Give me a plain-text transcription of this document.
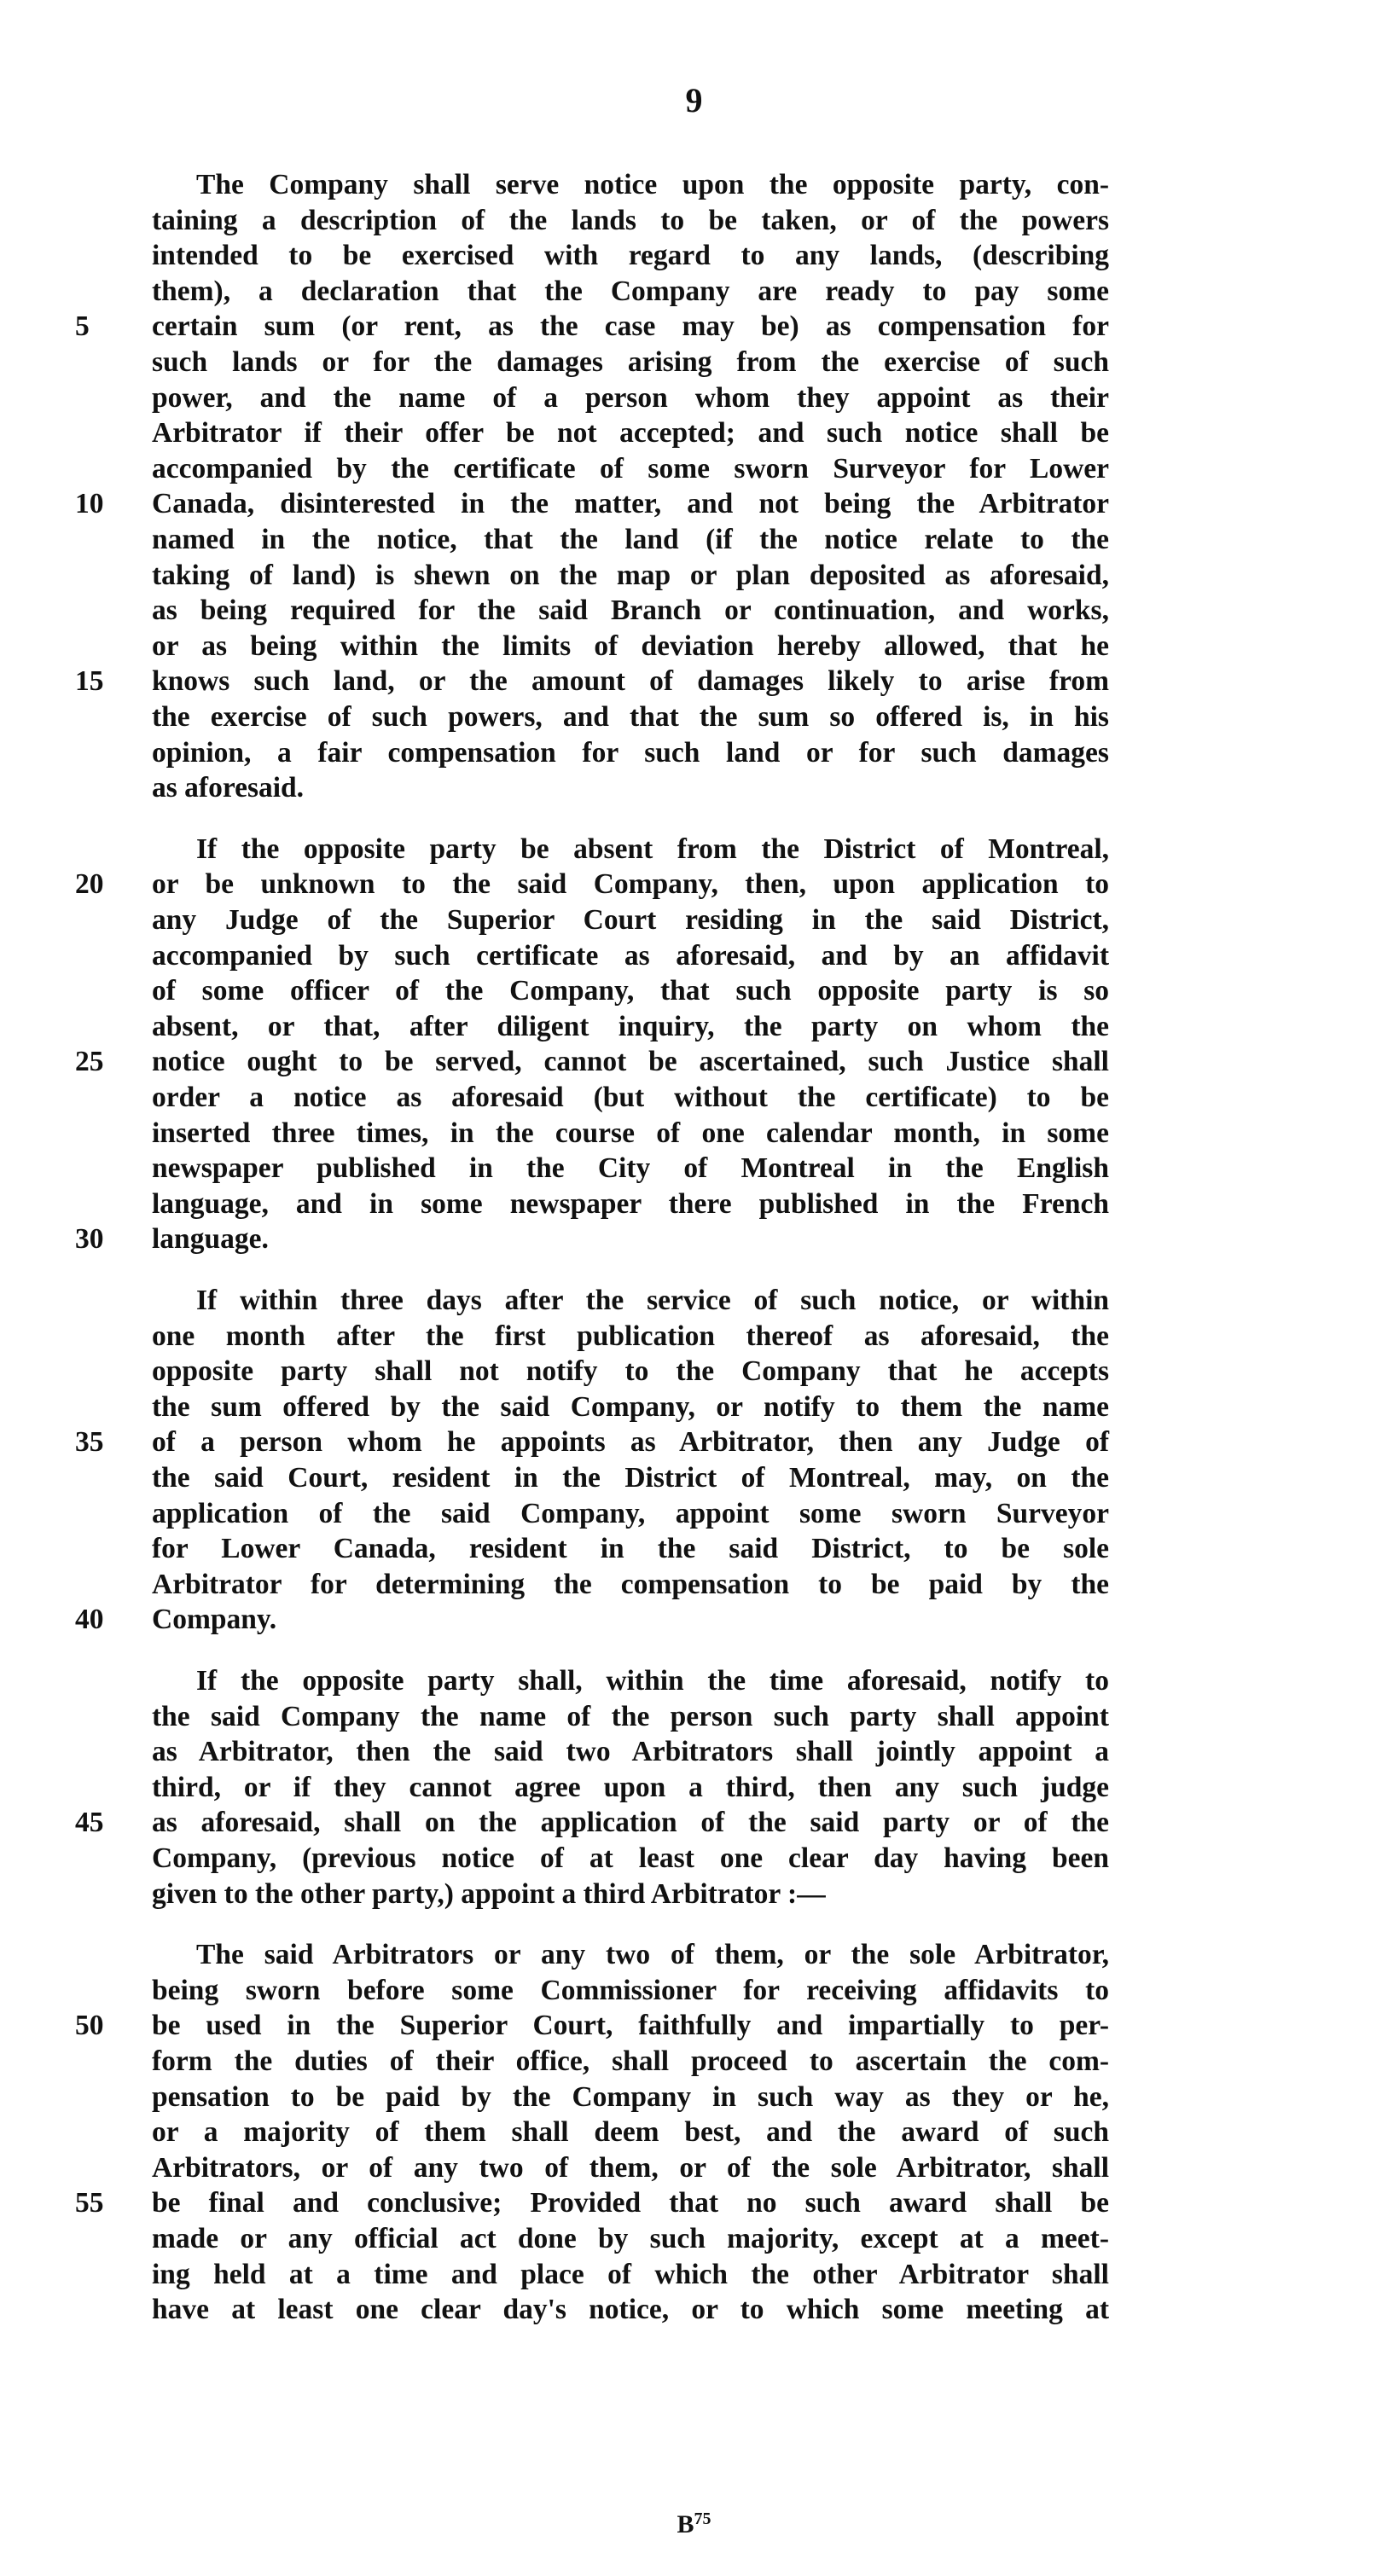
9
The Company shall serve notice upon the opposite party, con-
taining a description of the lands to be taken, or of the powers
intended to be exercised with regard to any lands, (describing
them), a declaration that the Company are ready to pay some
certain sum (or rent, as the case may be) as compensation for
such lands or for the damages arising from the exercise of such
power, and the name of a person whom they appoint as their
Arbitrator if their offer be not accepted; and such notice shall be
accompanied by the certificate of some sworn Surveyor for Lower
Canada, disinterested in the matter, and not being the Arbitrator
named in the notice, that the land (if the notice relate to the
taking of land) is shewn on the map or plan deposited as aforesaid,
as being required for the said Branch or continuation, and works,
or as being within the limits of deviation hereby allowed, that he
knows such land, or the amount of damages likely to arise from
the exercise of such powers, and that the sum so offered is, in his
opinion, a fair compensation for such land or for such damages
as aforesaid.
If the opposite party be absent from the District of Montreal,
or be unknown to the said Company, then, upon application to
any Judge of the Superior Court residing in the said District,
accompanied by such certificate as aforesaid, and by an affidavit
of some officer of the Company, that such opposite party is so
absent, or that, after diligent inquiry, the party on whom the
notice ought to be served, cannot be ascertained, such Justice shall
order a notice as aforesaid (but without the certificate) to be
inserted three times, in the course of one calendar month, in some
newspaper published in the City of Montreal in the English
language, and in some newspaper there published in the French
language.
If within three days after the service of such notice, or within
one month after the first publication thereof as aforesaid, the
opposite party shall not notify to the Company that he accepts
the sum offered by the said Company, or notify to them the name
of a person whom he appoints as Arbitrator, then any Judge of
the said Court, resident in the District of Montreal, may, on the
application of the said Company, appoint some sworn Surveyor
for Lower Canada, resident in the said District, to be sole
Arbitrator for determining the compensation to be paid by the
Company.
If the opposite party shall, within the time aforesaid, notify to
the said Company the name of the person such party shall appoint
as Arbitrator, then the said two Arbitrators shall jointly appoint a
third, or if they cannot agree upon a third, then any such judge
as aforesaid, shall on the application of the said party or of the
Company, (previous notice of at least one clear day having been
given to the other party,) appoint a third Arbitrator :—
The said Arbitrators or any two of them, or the sole Arbitrator,
being sworn before some Commissioner for receiving affidavits to
be used in the Superior Court, faithfully and impartially to per-
form the duties of their office, shall proceed to ascertain the com-
pensation to be paid by the Company in such way as they or he,
or a majority of them shall deem best, and the award of such
Arbitrators, or of any two of them, or of the sole Arbitrator, shall
be final and conclusive; Provided that no such award shall be
made or any official act done by such majority, except at a meet-
ing held at a time and place of which the other Arbitrator shall
have at least one clear day's notice, or to which some meeting at
5
10
15
20
25
30
35
40
45
50
55
$B^{75}$
